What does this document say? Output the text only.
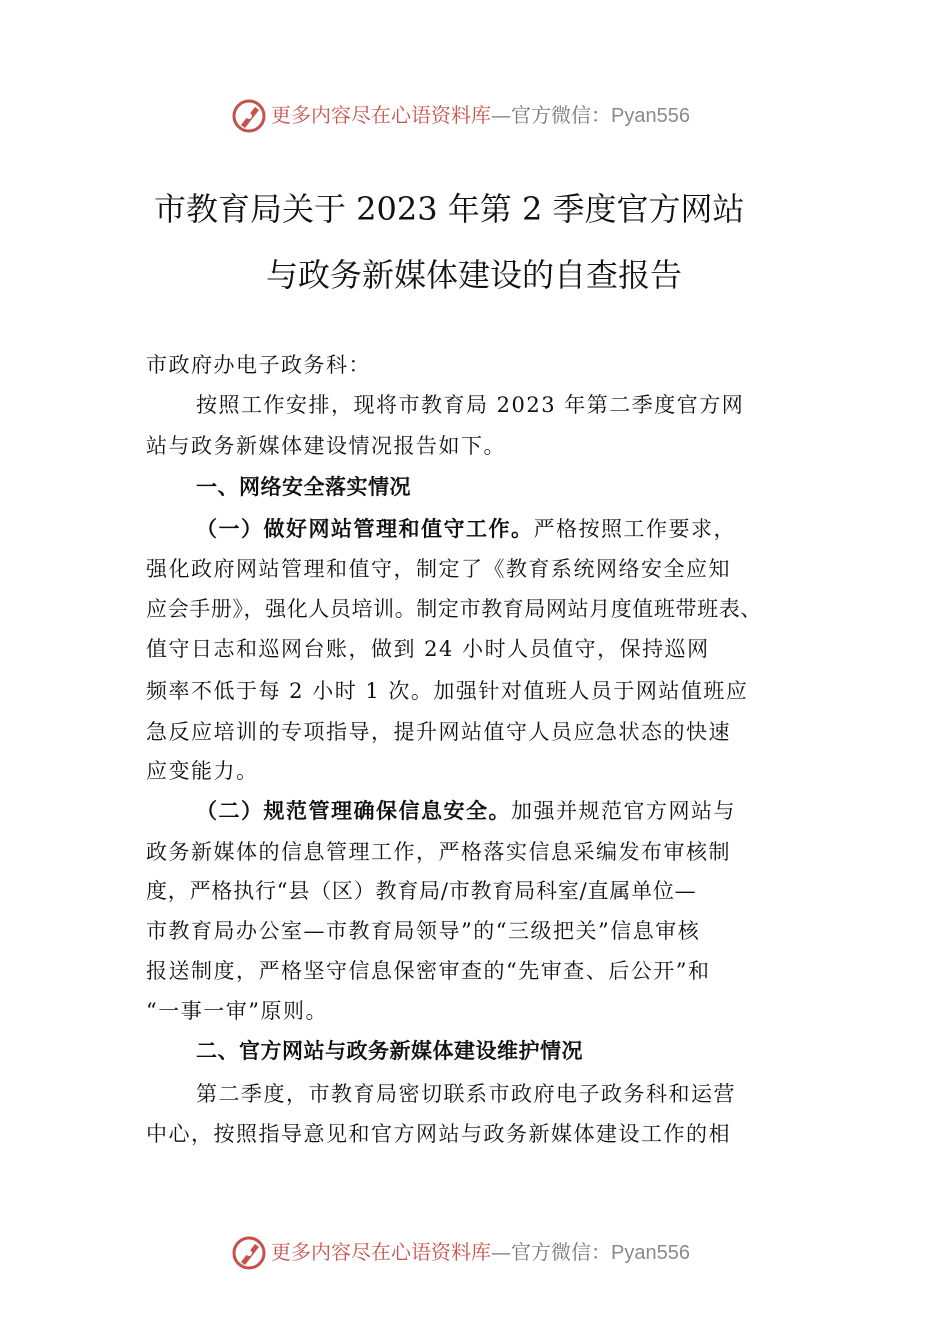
更多内容尽在心语资料库—官方微信：Pyan556
市教育局关于 2023 年第 2 季度官方网站
与政务新媒体建设的自查报告
市政府办电子政务科：
按照工作安排，现将市教育局 2023 年第二季度官方网
站与政务新媒体建设情况报告如下。
一、网络安全落实情况
（一）做好网站管理和值守工作。严格按照工作要求，
强化政府网站管理和值守，制定了《教育系统网络安全应知
应会手册》，强化人员培训。制定市教育局网站月度值班带班表、
值守日志和巡网台账，做到 24 小时人员值守，保持巡网
频率不低于每 2 小时 1 次。加强针对值班人员于网站值班应
急反应培训的专项指导，提升网站值守人员应急状态的快速
应变能力。
（二）规范管理确保信息安全。加强并规范官方网站与
政务新媒体的信息管理工作，严格落实信息采编发布审核制
度，严格执行“县（区）教育局/市教育局科室/直属单位—
市教育局办公室—市教育局领导”的“三级把关”信息审核
报送制度，严格坚守信息保密审查的“先审查、后公开”和
“一事一审”原则。
二、官方网站与政务新媒体建设维护情况
第二季度，市教育局密切联系市政府电子政务科和运营
中心，按照指导意见和官方网站与政务新媒体建设工作的相
更多内容尽在心语资料库—官方微信：Pyan556
